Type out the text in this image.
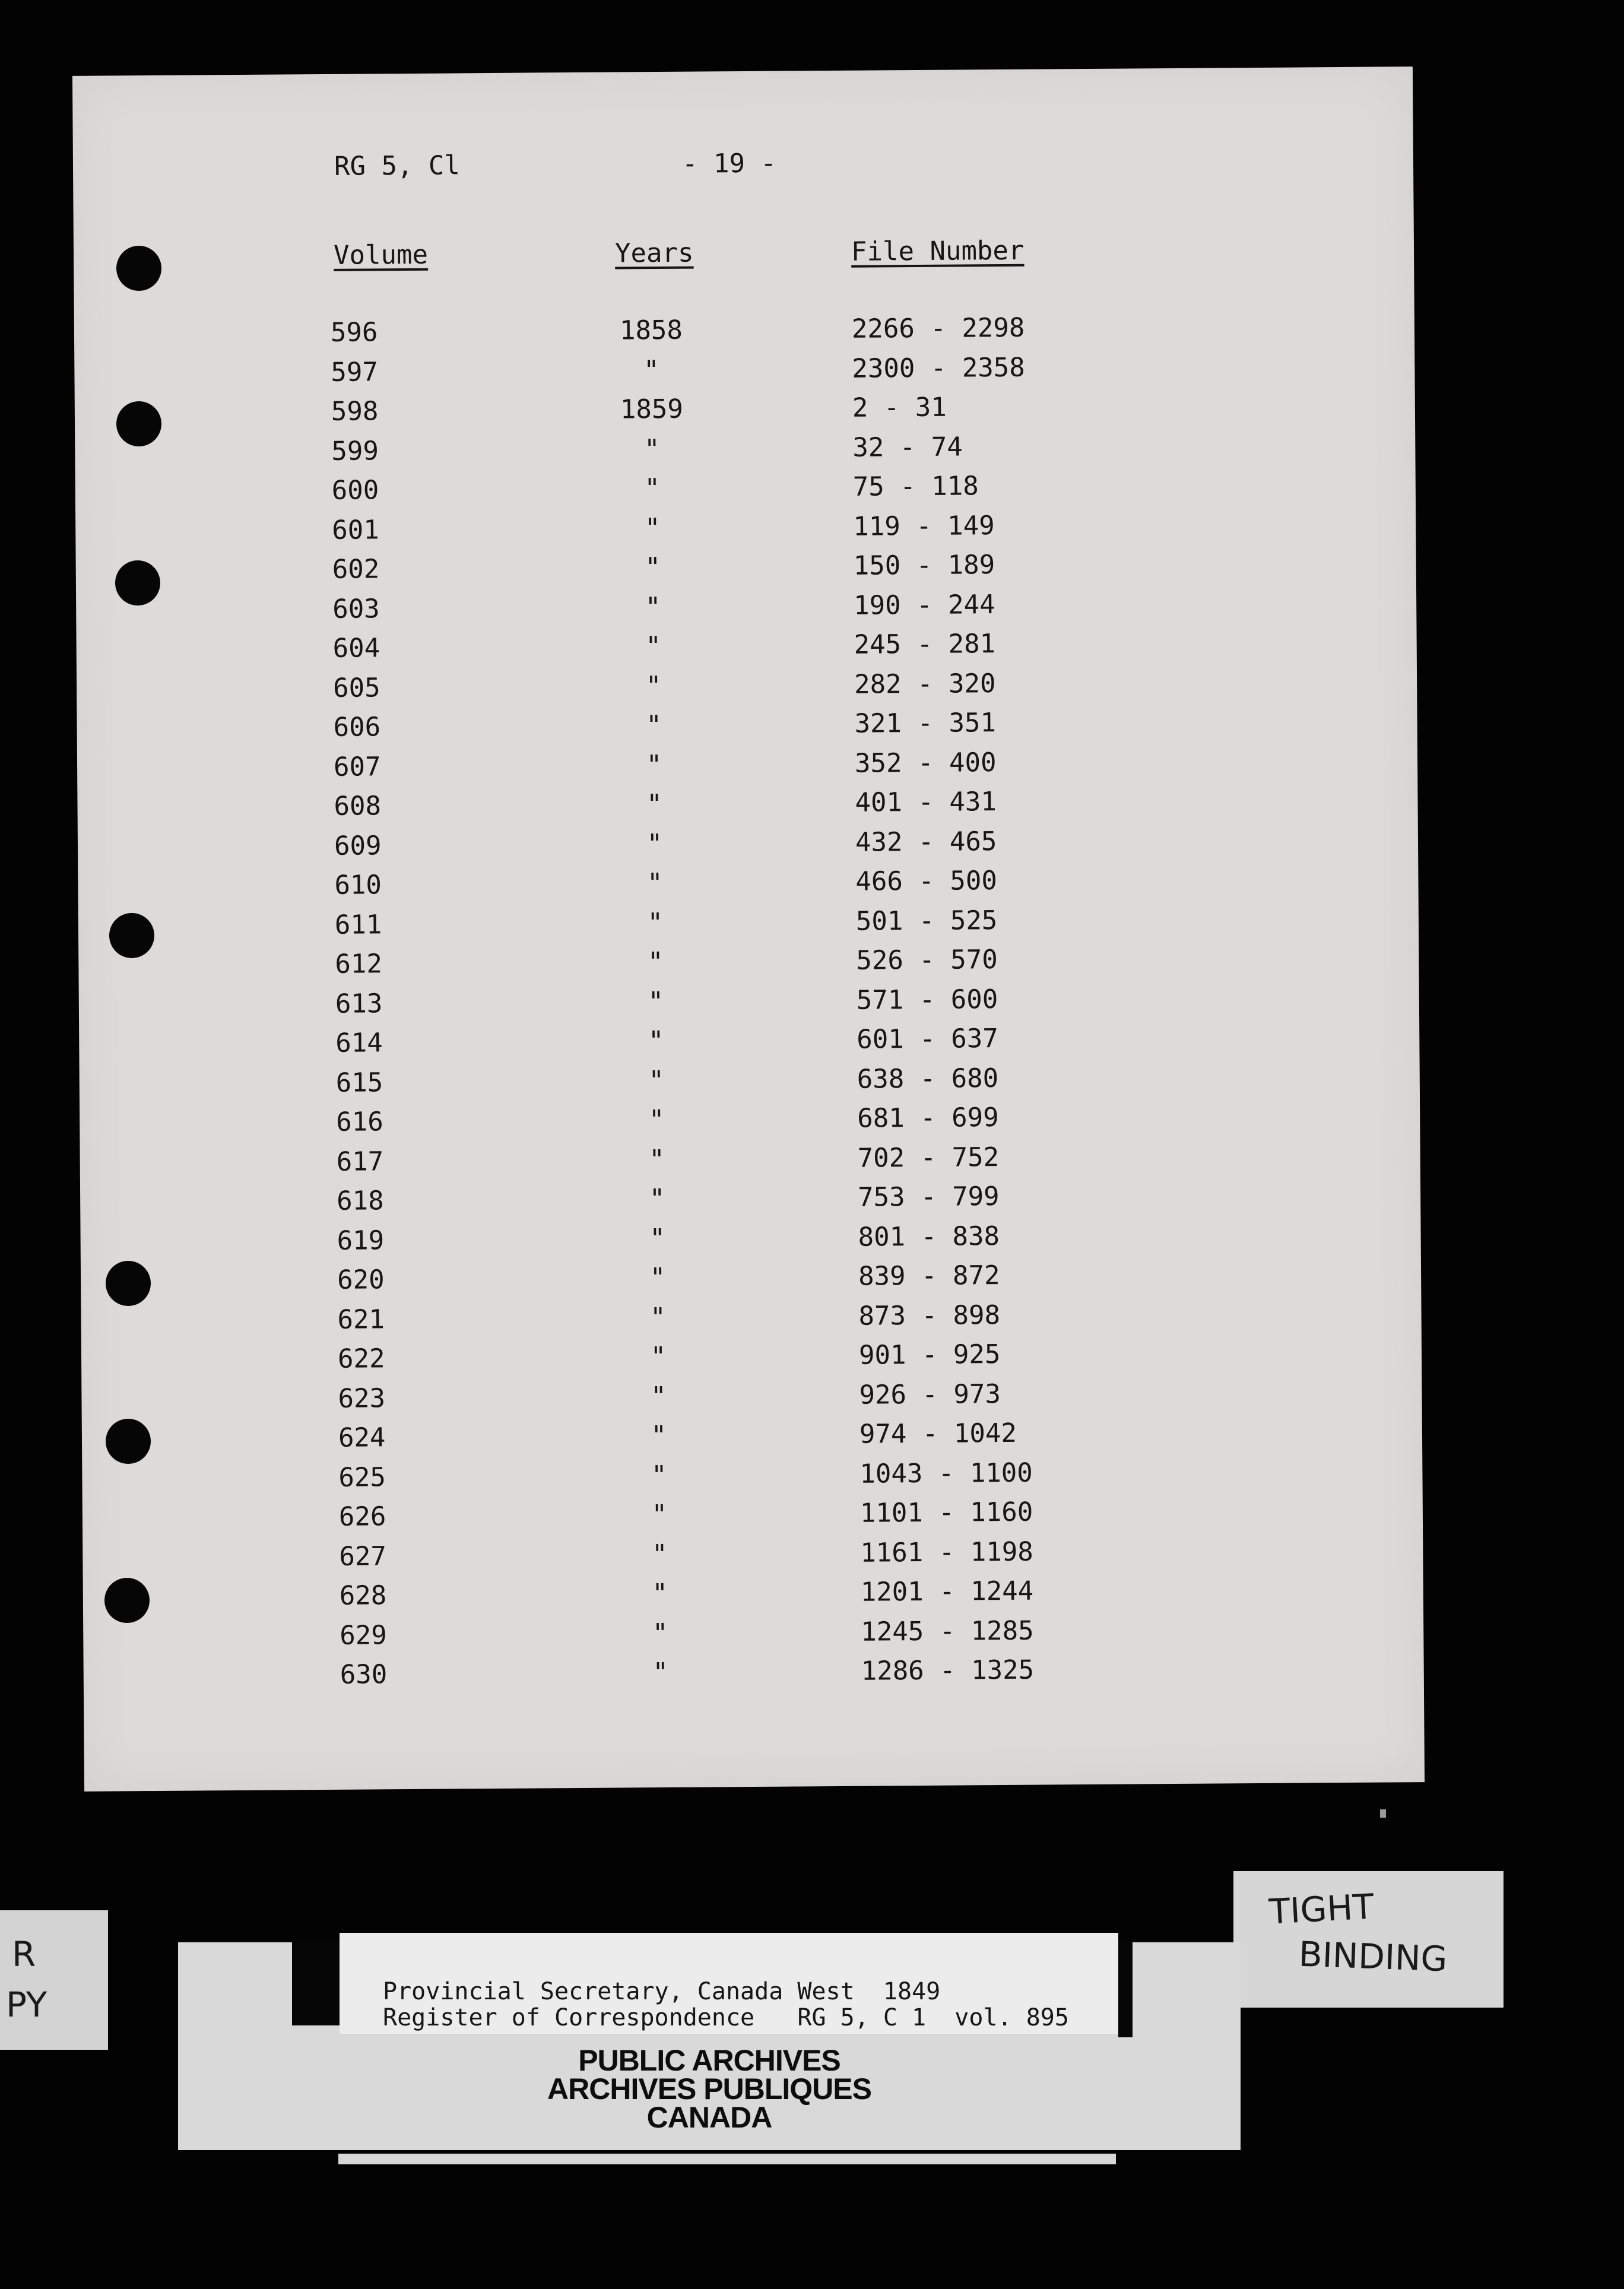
RG 5, Cl	- 19 -
Volume	Years	File Number
596	1858	2266 - 2298
597	"	2300 - 2358
598	1859	2 - 31
599	"	32 - 74
600	"	75 - 118
601	"	119 - 149
602	"	150 - 189
603	"	190 - 244
604	"	245 - 281
605	"	282 - 320
606	"	321 - 351
607	"	352 - 400
608	"	401 - 431
609	"	432 - 465
610	"	466 - 500
611	"	501 - 525
612	"	526 - 570
613	"	571 - 600
614	"	601 - 637
615	"	638 - 680
616	"	681 - 699
617	"	702 - 752
618	"	753 - 799
619	"	801 - 838
620	"	839 - 872
621	"	873 - 898
622	"	901 - 925
623	"	926 - 973
624	"	974 - 1042
625	"	1043 - 1100
626	"	1101 - 1160
627	"	1161 - 1198
628	"	1201 - 1244
629	"	1245 - 1285
630	"	1286 - 1325
R
PY
TIGHT
BINDING
Provincial Secretary, Canada West  1849
Register of Correspondence   RG 5, C 1  vol. 895
PUBLIC ARCHIVES
ARCHIVES PUBLIQUES
CANADA
